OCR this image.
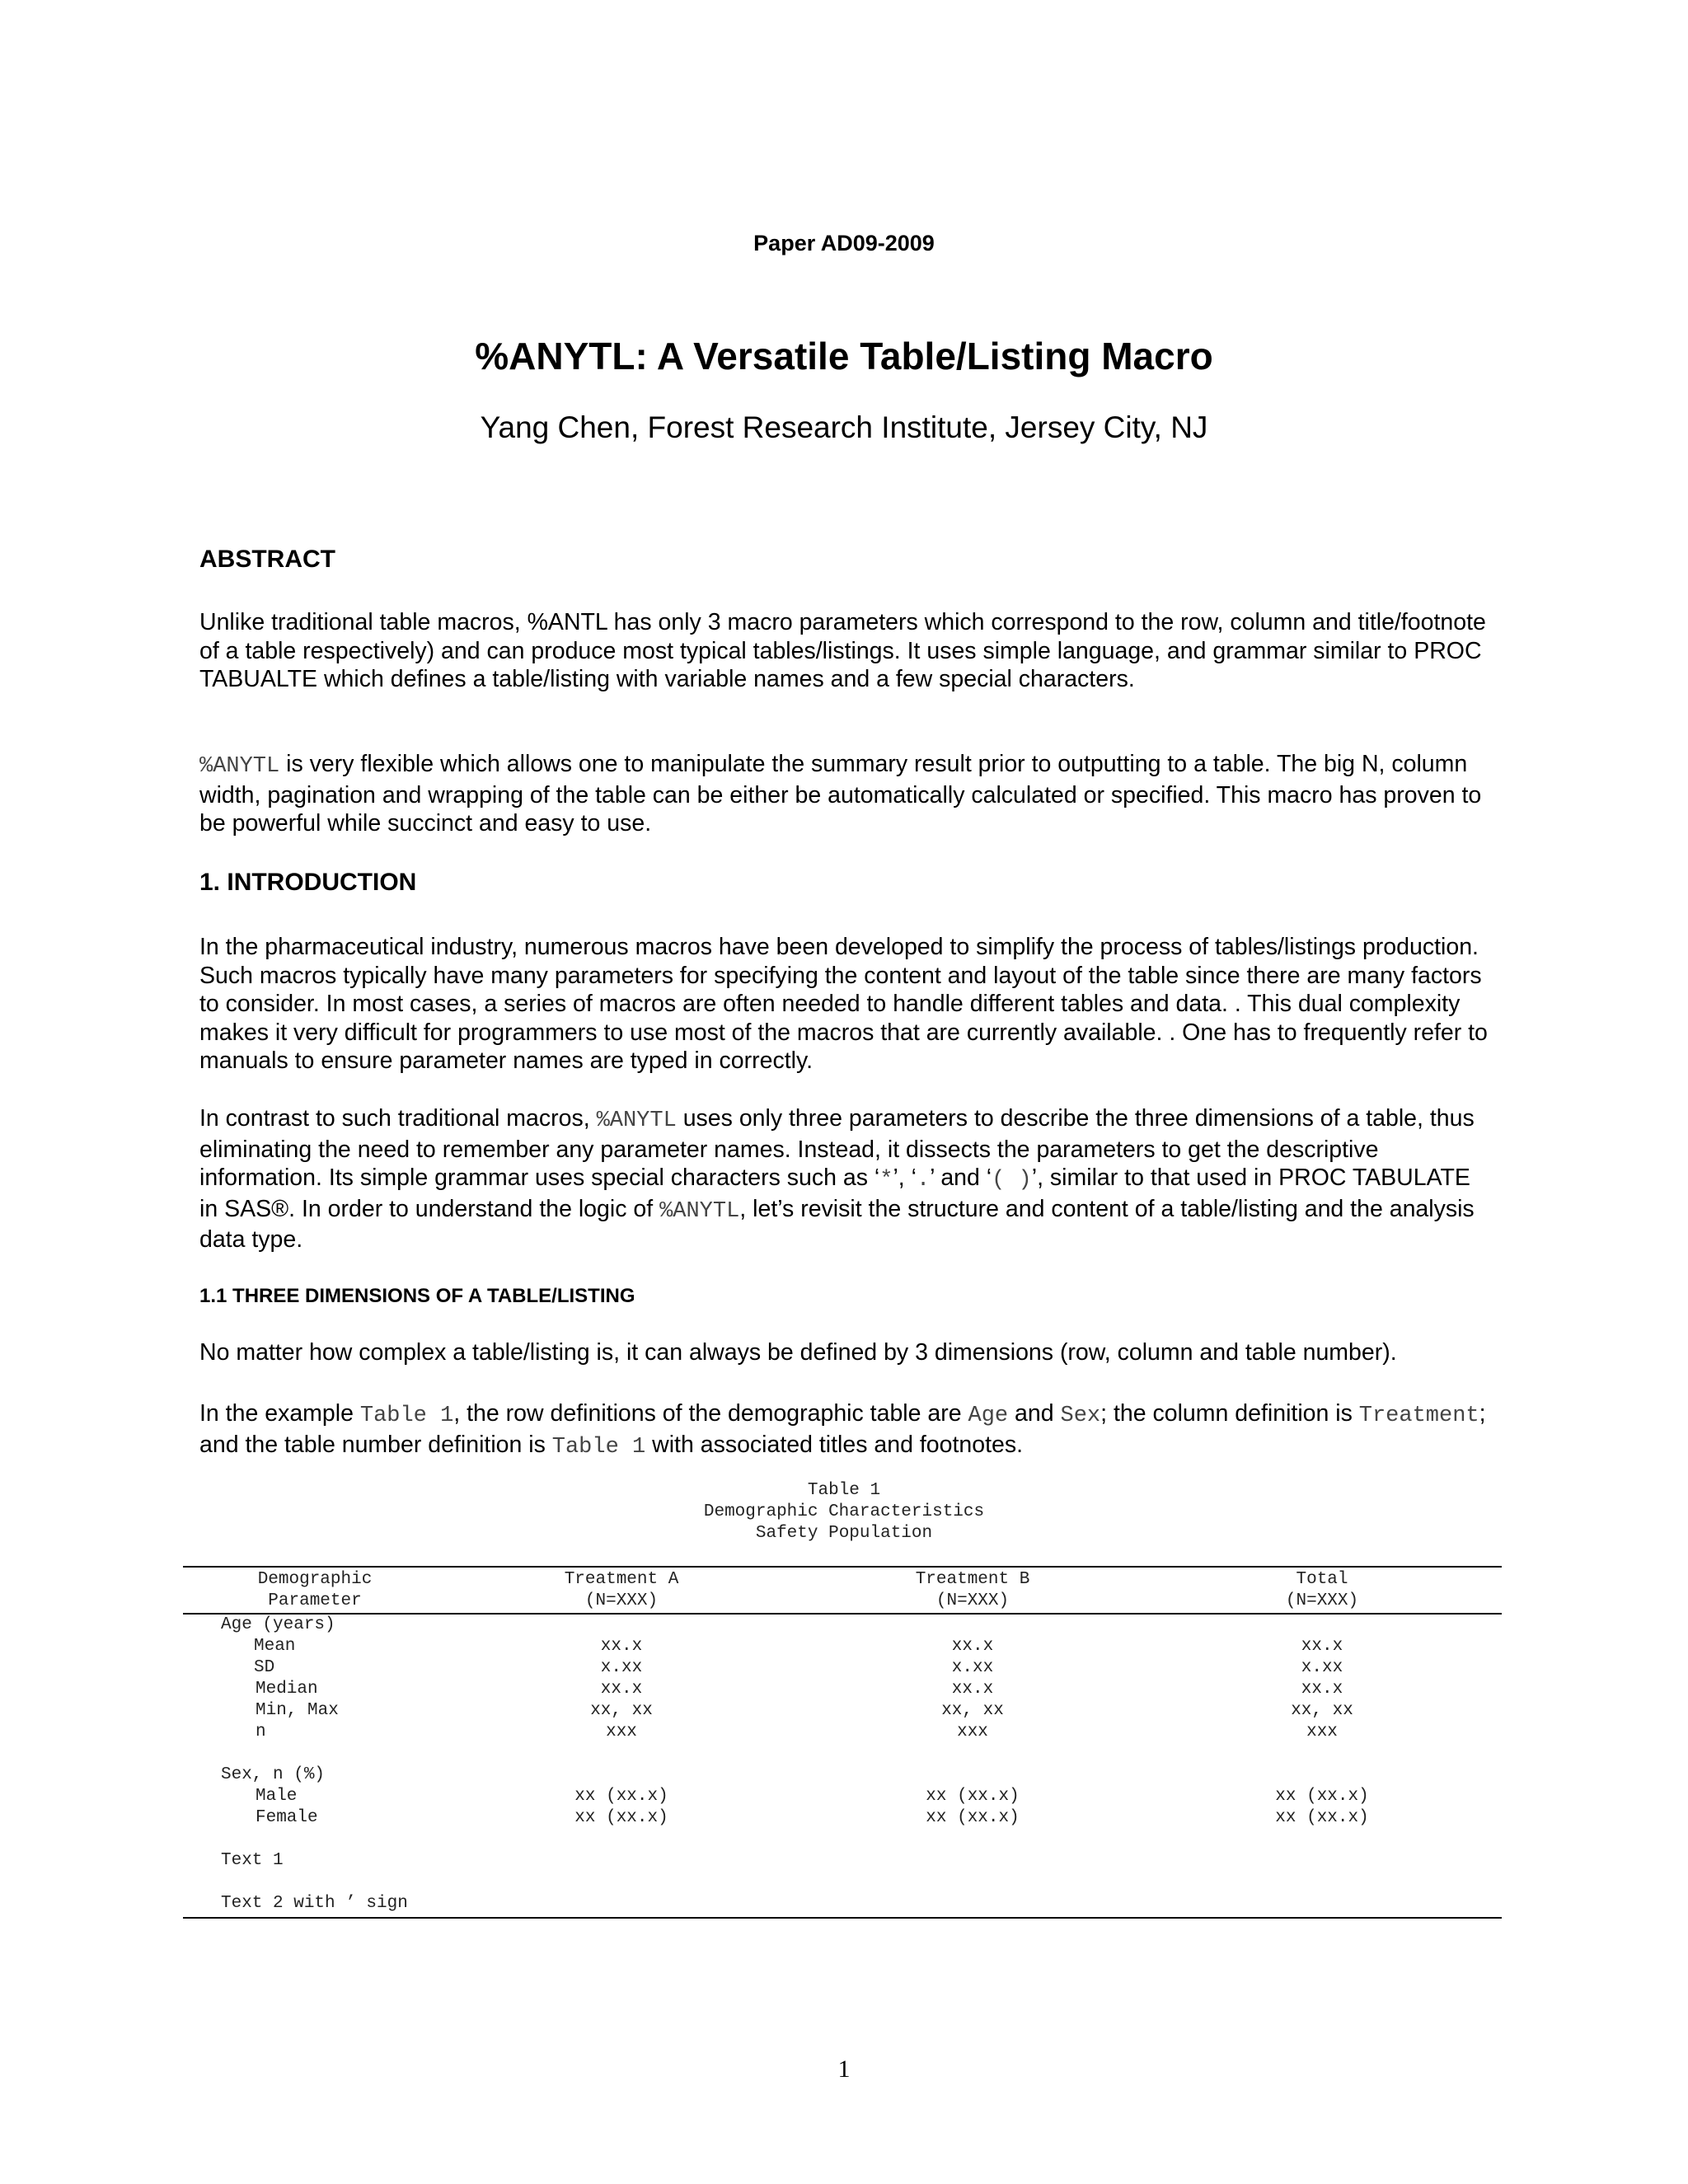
Paper AD09-2009
%ANYTL: A Versatile Table/Listing Macro
Yang Chen, Forest Research Institute, Jersey City, NJ
ABSTRACT

Unlike traditional table macros, %ANTL has only 3 macro parameters which correspond to the row, column and title/footnote of a table respectively) and can produce most typical tables/listings. It uses simple language, and grammar similar to PROC TABUALTE which defines a table/listing with variable names and a few special characters.

%ANYTL is very flexible which allows one to manipulate the summary result prior to outputting to a table. The big N, column width, pagination and wrapping of the table can be either be automatically calculated or specified. This macro has proven to be powerful while succinct and easy to use.

1. INTRODUCTION

In the pharmaceutical industry, numerous macros have been developed to simplify the process of tables/listings production. Such macros typically have many parameters for specifying the content and layout of the table since there are many factors to consider. In most cases, a series of macros are often needed to handle different tables and data. . This dual complexity makes it very difficult for programmers to use most of the macros that are currently available. . One has to frequently refer to manuals to ensure parameter names are typed in correctly.

In contrast to such traditional macros, %ANYTL uses only three parameters to describe the three dimensions of a table, thus eliminating the need to remember any parameter names. Instead, it dissects the parameters to get the descriptive information. Its simple grammar uses special characters such as ‘*’, ‘.’ and ‘( )’, similar to that used in PROC TABULATE in SAS®. In order to understand the logic of %ANYTL, let’s revisit the structure and content of a table/listing and the analysis data type.

1.1 THREE DIMENSIONS OF A TABLE/LISTING

No matter how complex a table/listing is, it can always be defined by 3 dimensions (row, column and table number).

In the example Table 1, the row definitions of the demographic table are Age and Sex; the column definition is Treatment; and the table number definition is Table 1 with associated titles and footnotes.

Table 1
Demographic Characteristics
Safety Population
Demographic	Treatment A	Treatment B	Total
Parameter	(N=XXX)	(N=XXX)	(N=XXX)
Age (years)
Mean	xx.x	xx.x	xx.x
SD	x.xx	x.xx	x.xx
Median	xx.x	xx.x	xx.x
Min, Max	xx, xx	xx, xx	xx, xx
n	xxx	xxx	xxx
Sex, n (%)
Male	xx (xx.x)	xx (xx.x)	xx (xx.x)
Female	xx (xx.x)	xx (xx.x)	xx (xx.x)
Text 1
Text 2 with ’ sign
1
